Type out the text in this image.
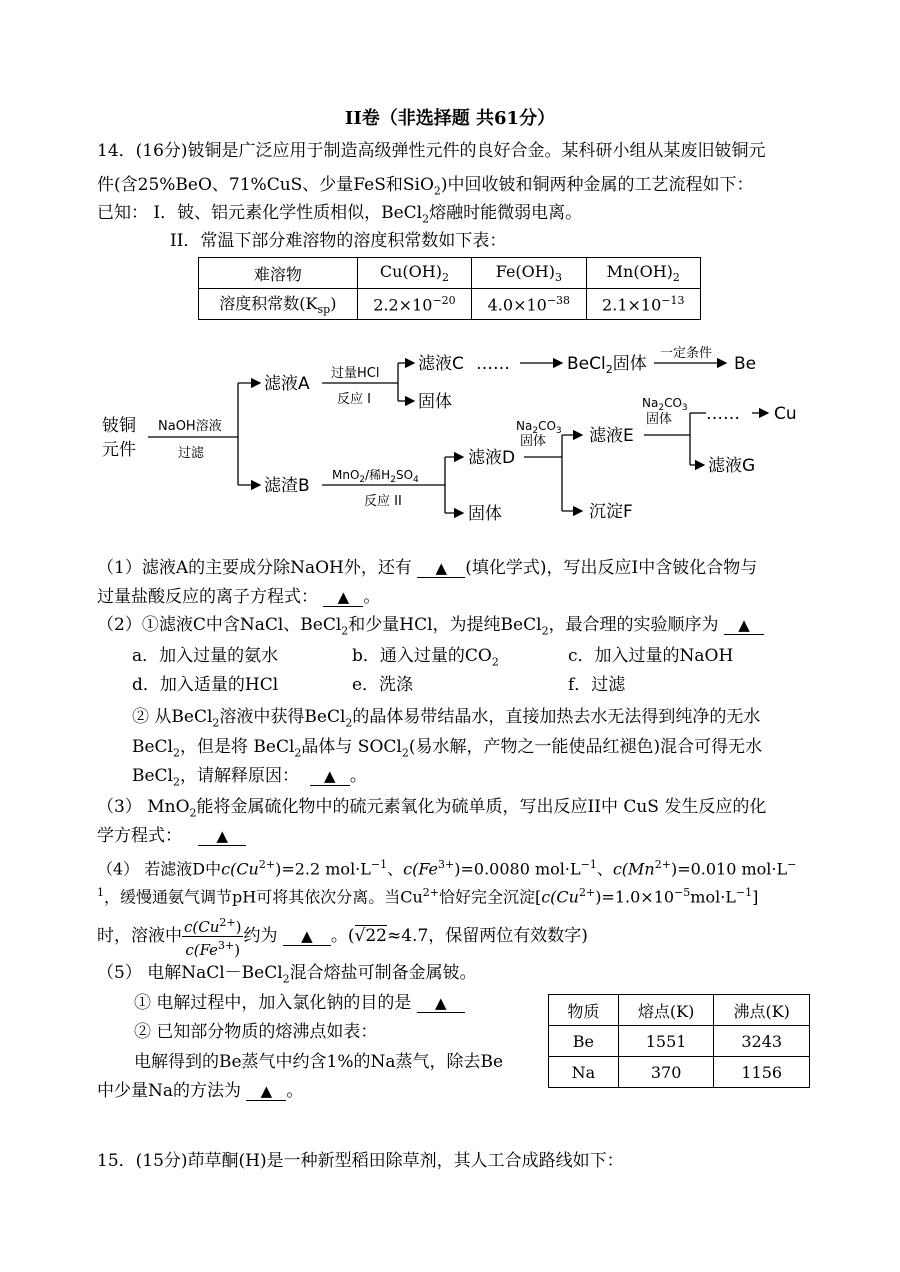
II卷（非选择题 共61分）
14．(16分)铍铜是广泛应用于制造高级弹性元件的良好合金。某科研小组从某废旧铍铜元
件(含25%BeO、71%CuS、少量FeS和SiO$_2$)中回收铍和铜两种金属的工艺流程如下：
已知： I．铍、铝元素化学性质相似，BeCl$_2$熔融时能微弱电离。
II．常温下部分难溶物的溶度积常数如下表：
难溶物	$Cu(OH)_2$	$Fe(OH)_3$	$Mn(OH)_2$
溶度积常数$(K_{sp})$	$2.2\times 10^{-20}$	$4.0\times 10^{-38}$	$2.1\times 10^{-13}$
铍铜
元件
NaOH溶液
过滤
滤液A
滤渣B
过量HCl
反应 I
滤液C ……	BeCl$_2$固体
一定条件
Be
固体
MnO$_2$/稀$H_2SO_4$
反应 II
滤液D
固体
$Na_2CO_3$
固体	滤液E
沉淀F
$Na_2CO_3$
固体 …… Cu
滤液G
（1）滤液A的主要成分除NaOH外，还有 ▲ (填化学式)，写出反应I中含铍化合物与
过量盐酸反应的离子方程式： ▲ 。
（2）①滤液C中含NaCl、BeCl$_2$和少量HCl，为提纯BeCl$_2$，最合理的实验顺序为 ▲
a．加入过量的氨水	b．通入过量的$CO_2$	c．加入过量的NaOH
d．加入适量的HCl	e．洗涤	f．过滤
② 从BeCl$_2$溶液中获得BeCl$_2$的晶体易带结晶水，直接加热去水无法得到纯净的无水
BeCl$_2$，但是将 BeCl$_2$晶体与 SOCl$_2$(易水解，产物之一能使品红褪色)混合可得无水
BeCl$_2$，请解释原因： ▲ 。
（3） MnO$_2$能将金属硫化物中的硫元素氧化为硫单质，写出反应II中 CuS 发生反应的化
学方程式： ▲
（4） 若滤液D中$c(Cu^{2+})=2.2$ $mol\cdot L^{-1}$、$c(Fe^{3+})=0.0080$ $mol\cdot L^{-1}$、$c(Mn^{2+})=0.010$ mol·L−
$^1$，缓慢通氨气调节pH可将其依次分离。当$Cu^{2+}$恰好完全沉淀$[c(Cu^{2+})=1.0\times 10^{-5}mol\cdot L^{-1}]$
时，溶液中 $\frac{c(Cu^{2+})}{c(Fe^{3+})}$ 约为 ▲ 。(√22≈4.7，保留两位有效数字)
（5） 电解NaCl－BeCl$_2$混合熔盐可制备金属铍。
① 电解过程中，加入氯化钠的目的是 ▲
② 已知部分物质的熔沸点如表：
电解得到的Be蒸气中约含1%的Na蒸气，除去Be
中少量Na的方法为 ▲ 。
物质	熔点(K)	沸点(K)
Be	1551	3243
Na	370	1156
15．(15分)茚草酮(H)是一种新型稻田除草剂，其人工合成路线如下：
